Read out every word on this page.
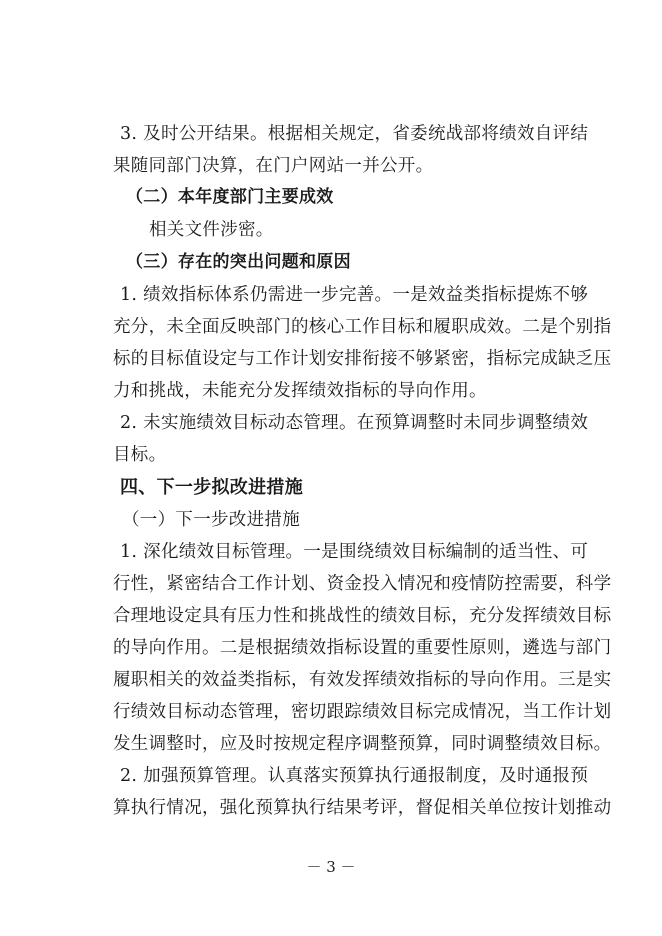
3. 及时公开结果。根据相关规定，省委统战部将绩效自评结
果随同部门决算，在门户网站一并公开。
（二）本年度部门主要成效
相关文件涉密。
（三）存在的突出问题和原因
1. 绩效指标体系仍需进一步完善。一是效益类指标提炼不够
充分，未全面反映部门的核心工作目标和履职成效。二是个别指
标的目标值设定与工作计划安排衔接不够紧密，指标完成缺乏压
力和挑战，未能充分发挥绩效指标的导向作用。
2. 未实施绩效目标动态管理。在预算调整时未同步调整绩效
目标。
四、下一步拟改进措施
（一）下一步改进措施
1. 深化绩效目标管理。一是围绕绩效目标编制的适当性、可
行性，紧密结合工作计划、资金投入情况和疫情防控需要，科学
合理地设定具有压力性和挑战性的绩效目标，充分发挥绩效目标
的导向作用。二是根据绩效指标设置的重要性原则，遴选与部门
履职相关的效益类指标，有效发挥绩效指标的导向作用。三是实
行绩效目标动态管理，密切跟踪绩效目标完成情况，当工作计划
发生调整时，应及时按规定程序调整预算，同时调整绩效目标。
2. 加强预算管理。认真落实预算执行通报制度，及时通报预
算执行情况，强化预算执行结果考评，督促相关单位按计划推动
－ 3 －
